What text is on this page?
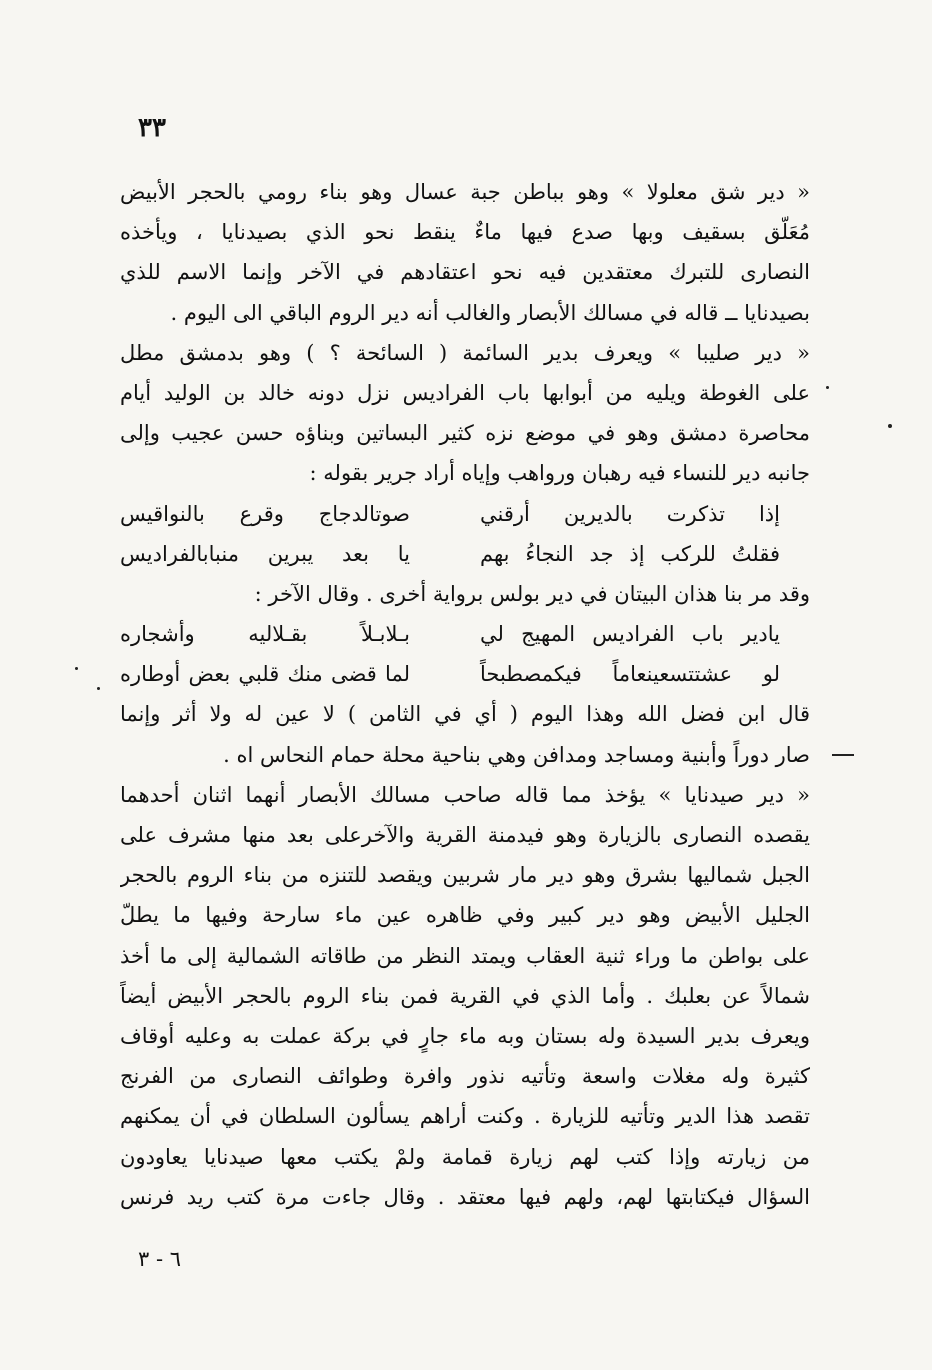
٣٣
« دير شق معلولا » وهو بباطن جبة عسال وهو بناء رومي بالحجر الأبيض
مُعَلّق بسقيف وبها صدع فيها ماءٌ ينقط نحو الذي بصيدنايا ، ويأخذه
النصارى للتبرك معتقدين فيه نحو اعتقادهم في الآخر وإنما الاسم للذي
بصيدنايا ــ قاله في مسالك الأبصار والغالب أنه دير الروم الباقي الى اليوم .
« دير صليبا » ويعرف بدير السائمة ( السائحة ؟ ) وهو بدمشق مطل
على الغوطة ويليه من أبوابها باب الفراديس نزل دونه خالد بن الوليد أيام
محاصرة دمشق وهو في موضع نزه كثير البساتين وبناؤه حسن عجيب وإلى
جانبه دير للنساء فيه رهبان ورواهب وإياه أراد جرير بقوله :
إذا تذكرت بالديرين أرقني
صوتالدجاج وقرع بالنواقيس
فقلتُ للركب إذ جد النجاءُ بهم
يا بعد يبرين منبابالفراديس
وقد مر بنا هذان البيتان في دير بولس برواية أخرى . وقال الآخر :
يادير باب الفراديس المهيج لي
بـلابـلاً بقـلاليه وأشجاره
لو عشتتسعينعاماً فيكمصطبحاً
لما قضى منك قلبي بعض أوطاره
قال ابن فضل الله وهذا اليوم ( أي في الثامن ) لا عين له ولا أثر وإنما
صار دوراً وأبنية ومساجد ومدافن وهي بناحية محلة حمام النحاس اه .
« دير صيدنايا » يؤخذ مما قاله صاحب مسالك الأبصار أنهما اثنان أحدهما
يقصده النصارى بالزيارة وهو فيدمنة القرية والآخرعلى بعد منها مشرف على
الجبل شماليها بشرق وهو دير مار شربين ويقصد للتنزه من بناء الروم بالحجر
الجليل الأبيض وهو دير كبير وفي ظاهره عين ماء سارحة وفيها ما يطلّ
على بواطن ما وراء ثنية العقاب ويمتد النظر من طاقاته الشمالية إلى ما أخذ
شمالاً عن بعلبك . وأما الذي في القرية فمن بناء الروم بالحجر الأبيض أيضاً
ويعرف بدير السيدة وله بستان وبه ماء جارٍ في بركة عملت به وعليه أوقاف
كثيرة وله مغلات واسعة وتأتيه نذور وافرة وطوائف النصارى من الفرنج
تقصد هذا الدير وتأتيه للزيارة . وكنت أراهم يسألون السلطان في أن يمكنهم
من زيارته وإذا كتب لهم زيارة قمامة ولمْ يكتب معها صيدنايا يعاودون
السؤال فيكتابتها لهم، ولهم فيها معتقد . وقال جاءت مرة كتب ريد فرنس
٦ - ٣
